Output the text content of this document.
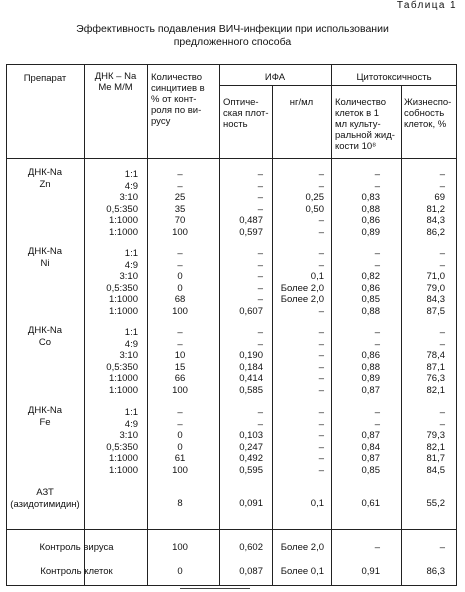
Таблица 1
Эффективность подавления ВИЧ-инфекции при использовании
предложенного способа
Препарат	ДНК – Na
Me M/M
Количество
синцитиев в
% от конт-
роля по ви-
русу
ИФА	Цитотоксичность
Оптиче-
ская плот-
ность
нг/мл	Количество
клеток в 1
мл культу-
ральной жид-
кости 10⁸
Жизнеспо-
собность
клеток, %
ДНК-Na
Zn
1:1	–	–	–	–	–
4:9	–	–	–	–	–
3:10	25	–	0,25	0,83	69
0,5:350	35	–	0,50	0,88	81,2
1:1000	70	0,487	–	0,86	84,3
1:1000	100	0,597	–	0,89	86,2
ДНК-Na
Ni
1:1	–	–	–	–	–
4:9	–	–	–	–	–
3:10	0	–	0,1	0,82	71,0
0,5:350	0	–	Более 2,0	0,86	79,0
1:1000	68	–	Более 2,0	0,85	84,3
1:1000	100	0,607	–	0,88	87,5
ДНК-Na
Co
1:1	–	–	–	–	–
4:9	–	–	–	–	–
3:10	10	0,190	–	0,86	78,4
0,5:350	15	0,184	–	0,88	87,1
1:1000	66	0,414	–	0,89	76,3
1:1000	100	0,585	–	0,87	82,1
ДНК-Na
Fe
1:1	–	–	–	–	–
4:9	–	–	–	–	–
3:10	0	0,103	–	0,87	79,3
0,5:350	0	0,247	–	0,84	82,1
1:1000	61	0,492	–	0,87	81,7
1:1000	100	0,595	–	0,85	84,5
АЗТ
(азидотимидин)	8	0,091	0,1	0,61	55,2
Контроль вируса	100	0,602	Более 2,0	–	–
Контроль клеток	0	0,087	Более 0,1	0,91	86,3
